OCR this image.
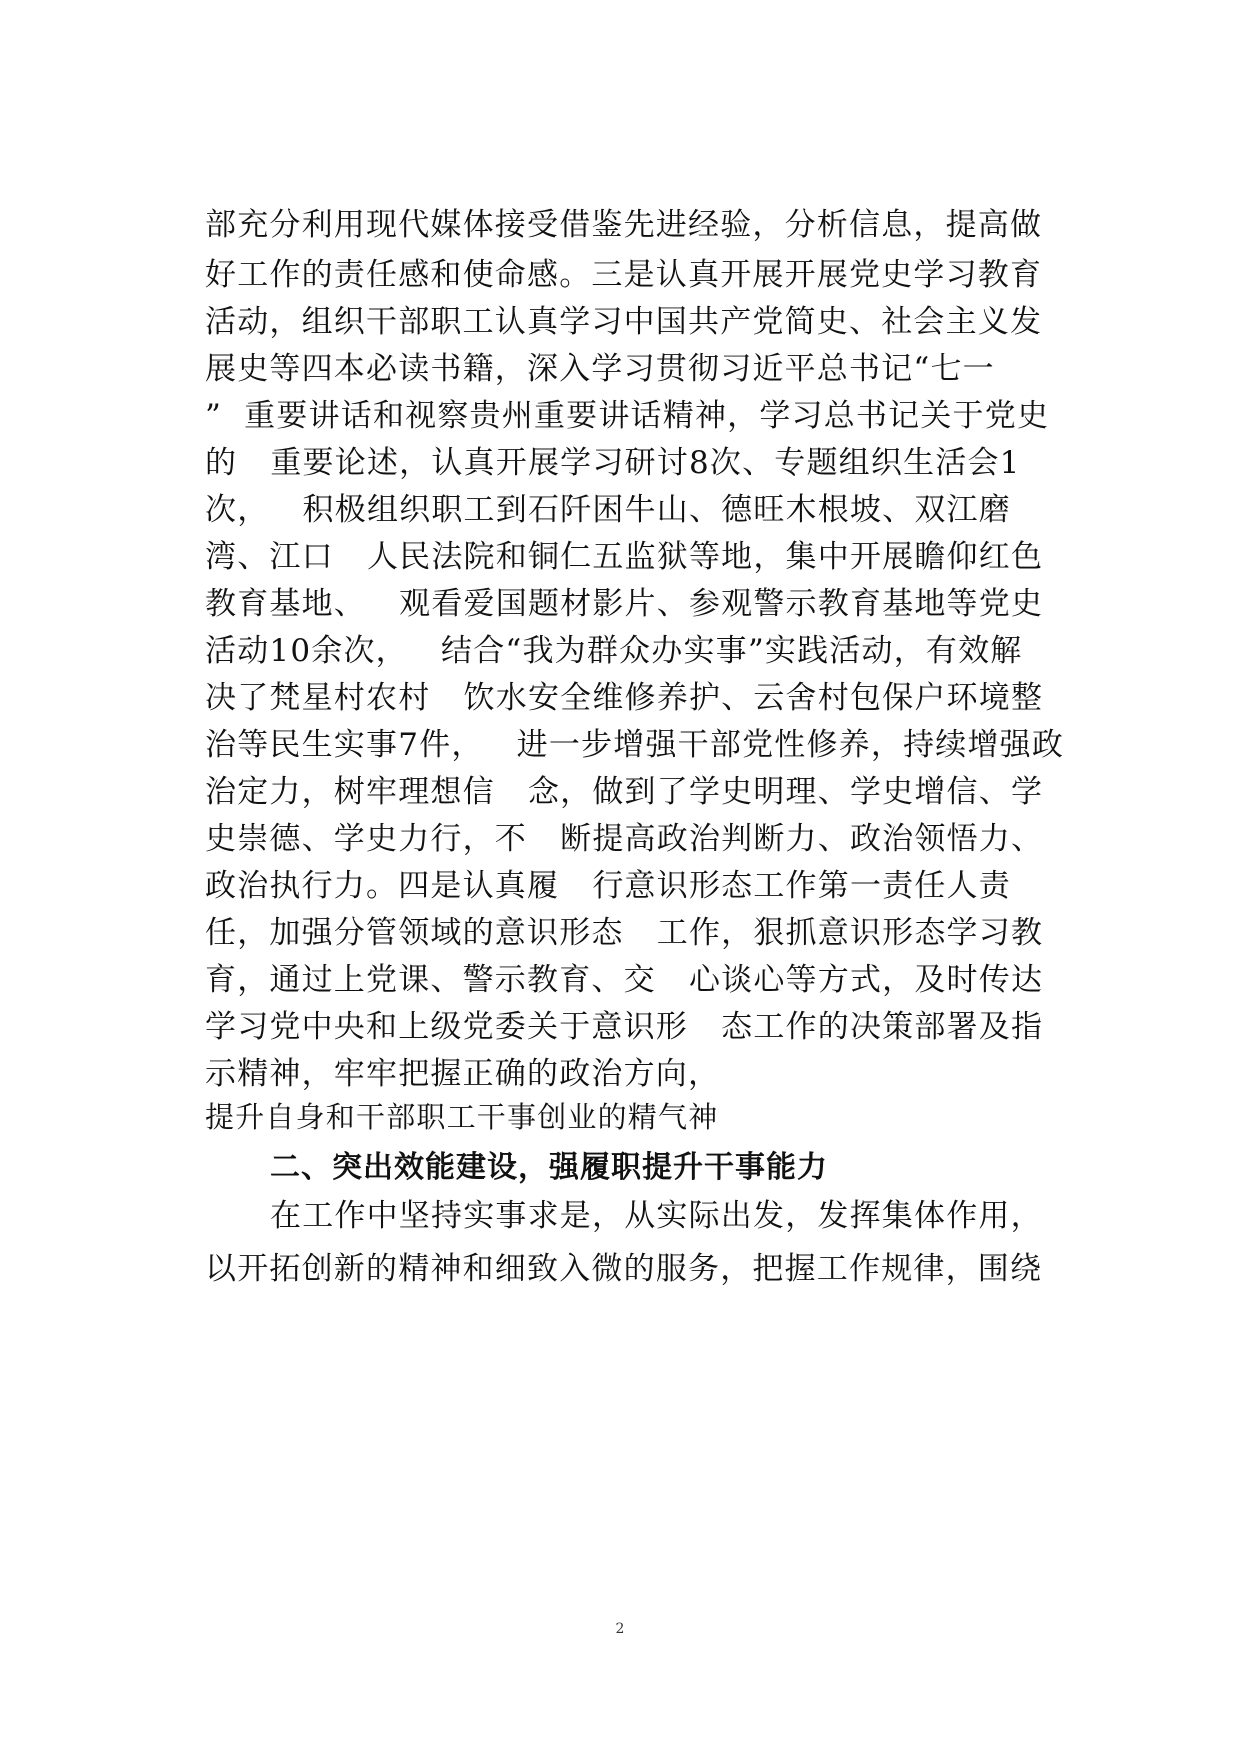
部充分利用现代媒体接受借鉴先进经验，分析信息，提高做
好工作的责任感和使命感。三是认真开展开展党史学习教育
活动，组织干部职工认真学习中国共产党简史、社会主义发
展史等四本必读书籍，深入学习贯彻习近平总书记“七一
”  重要讲话和视察贵州重要讲话精神，学习总书记关于党史
的   重要论述，认真开展学习研讨8次、专题组织生活会1
次，   积极组织职工到石阡困牛山、德旺木根坡、双江磨
湾、江口   人民法院和铜仁五监狱等地，集中开展瞻仰红色
教育基地、   观看爱国题材影片、参观警示教育基地等党史
活动10余次，   结合“我为群众办实事”实践活动，有效解
决了梵星村农村   饮水安全维修养护、云舍村包保户环境整
治等民生实事7件，   进一步增强干部党性修养，持续增强政
治定力，树牢理想信   念，做到了学史明理、学史增信、学
史崇德、学史力行，不   断提高政治判断力、政治领悟力、
政治执行力。四是认真履   行意识形态工作第一责任人责
任，加强分管领域的意识形态   工作，狠抓意识形态学习教
育，通过上党课、警示教育、交   心谈心等方式，及时传达
学习党中央和上级党委关于意识形   态工作的决策部署及指
示精神，牢牢把握正确的政治方向，
提升自身和干部职工干事创业的精气神
二、突出效能建设，强履职提升干事能力
在工作中坚持实事求是，从实际出发，发挥集体作用，
以开拓创新的精神和细致入微的服务，把握工作规律，围绕
2
